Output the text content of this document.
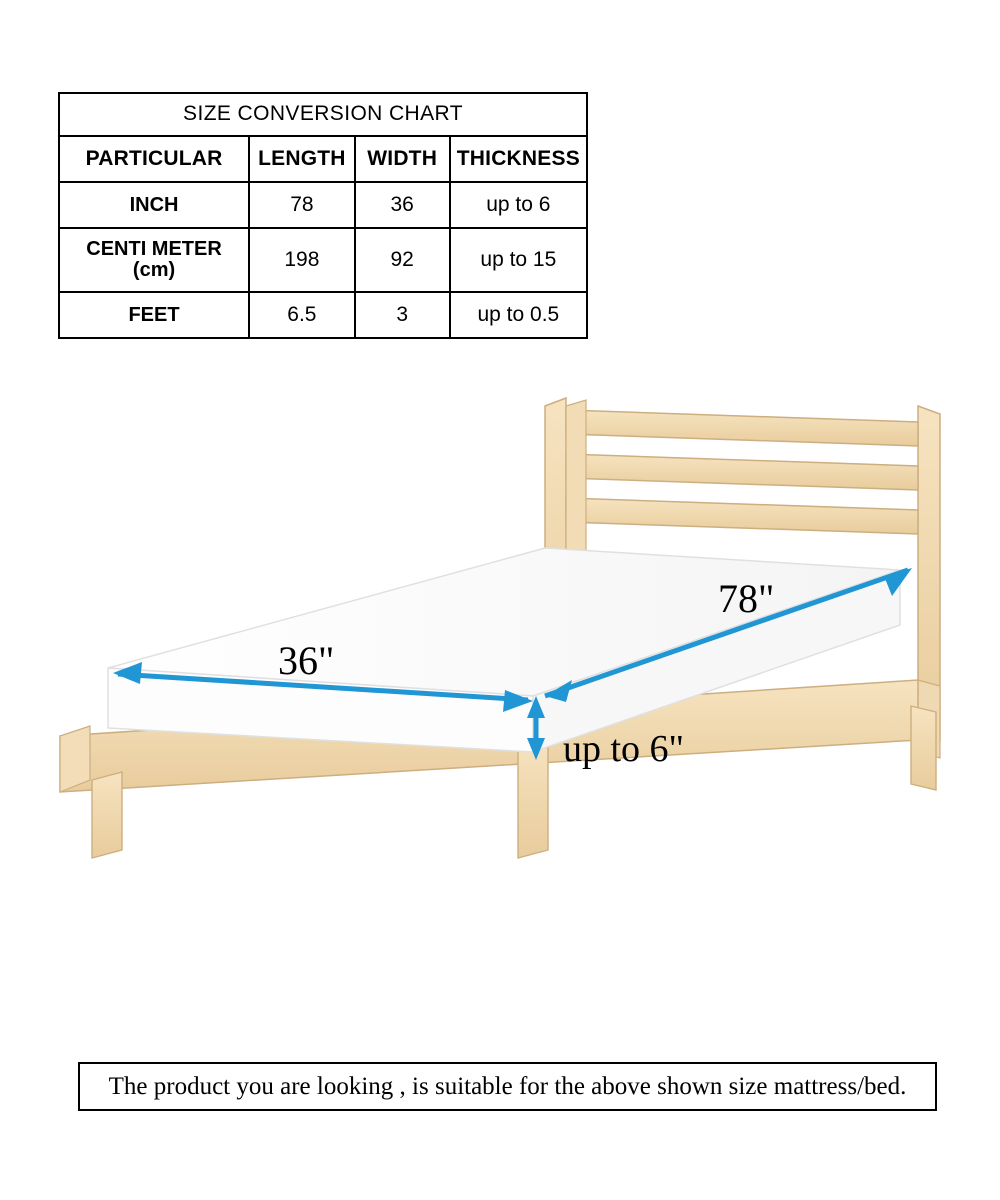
SIZE CONVERSION CHART			
PARTICULAR	LENGTH	WIDTH	THICKNESS
INCH	78	36	up to 6
CENTI METER
(cm)	198	92	up to 15
FEET	6.5	3	up to 0.5
78"
36"
up to 6"
The product you are looking , is suitable for the above shown size mattress/bed.
